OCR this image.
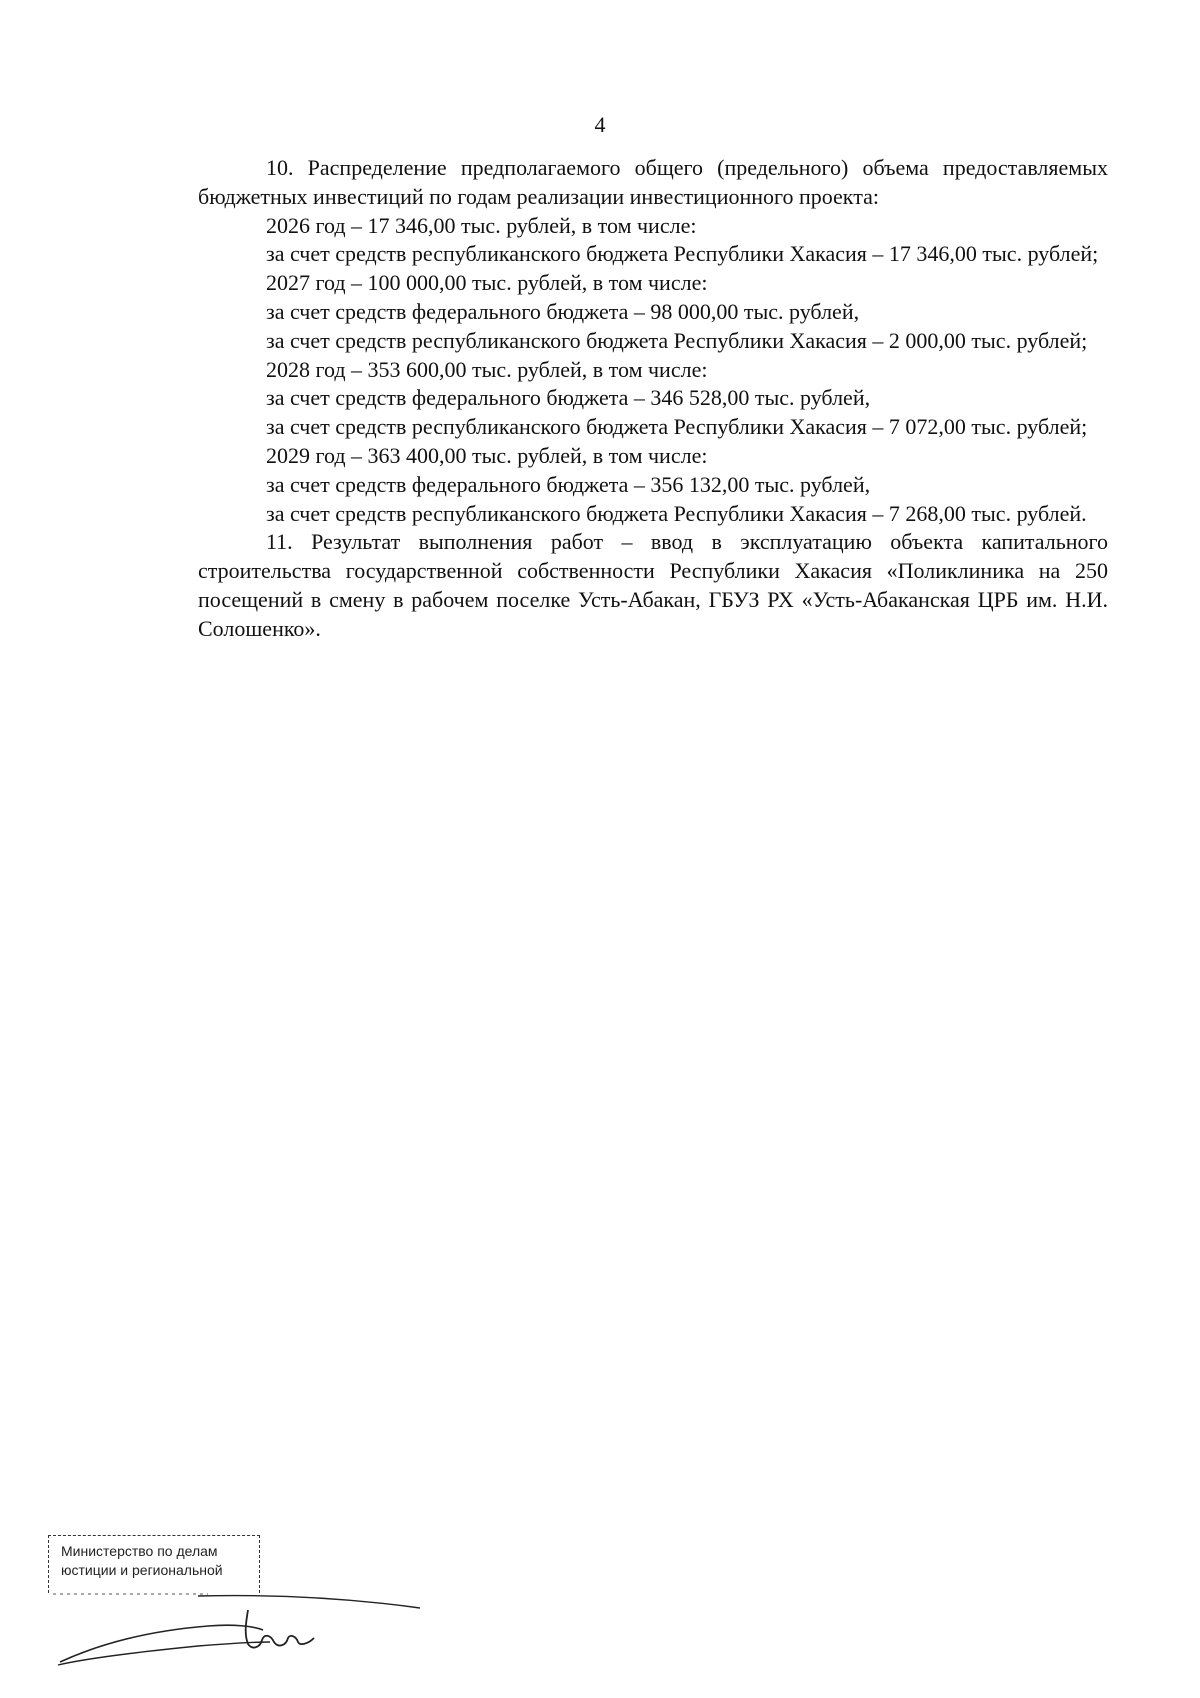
4

10. Распределение предполагаемого общего (предельного) объема предоставляемых бюджетных инвестиций по годам реализации инвестиционного проекта:

2026 год – 17 346,00 тыс. рублей, в том числе:

за счет средств республиканского бюджета Республики Хакасия – 17 346,00 тыс. рублей;

2027 год – 100 000,00 тыс. рублей, в том числе:

за счет средств федерального бюджета – 98 000,00 тыс. рублей,

за счет средств республиканского бюджета Республики Хакасия – 2 000,00 тыс. рублей;

2028 год – 353 600,00 тыс. рублей, в том числе:

за счет средств федерального бюджета – 346 528,00 тыс. рублей,

за счет средств республиканского бюджета Республики Хакасия – 7 072,00 тыс. рублей;

2029 год – 363 400,00 тыс. рублей, в том числе:

за счет средств федерального бюджета – 356 132,00 тыс. рублей,

за счет средств республиканского бюджета Республики Хакасия – 7 268,00 тыс. рублей.

11. Результат выполнения работ – ввод в эксплуатацию объекта капитального строительства государственной собственности Республики Хакасия «Поликлиника на 250 посещений в смену в рабочем поселке Усть-Абакан, ГБУЗ РХ «Усть-Абаканская ЦРБ им. Н.И. Солошенко».

Министерство по делам
юстиции и региональной
